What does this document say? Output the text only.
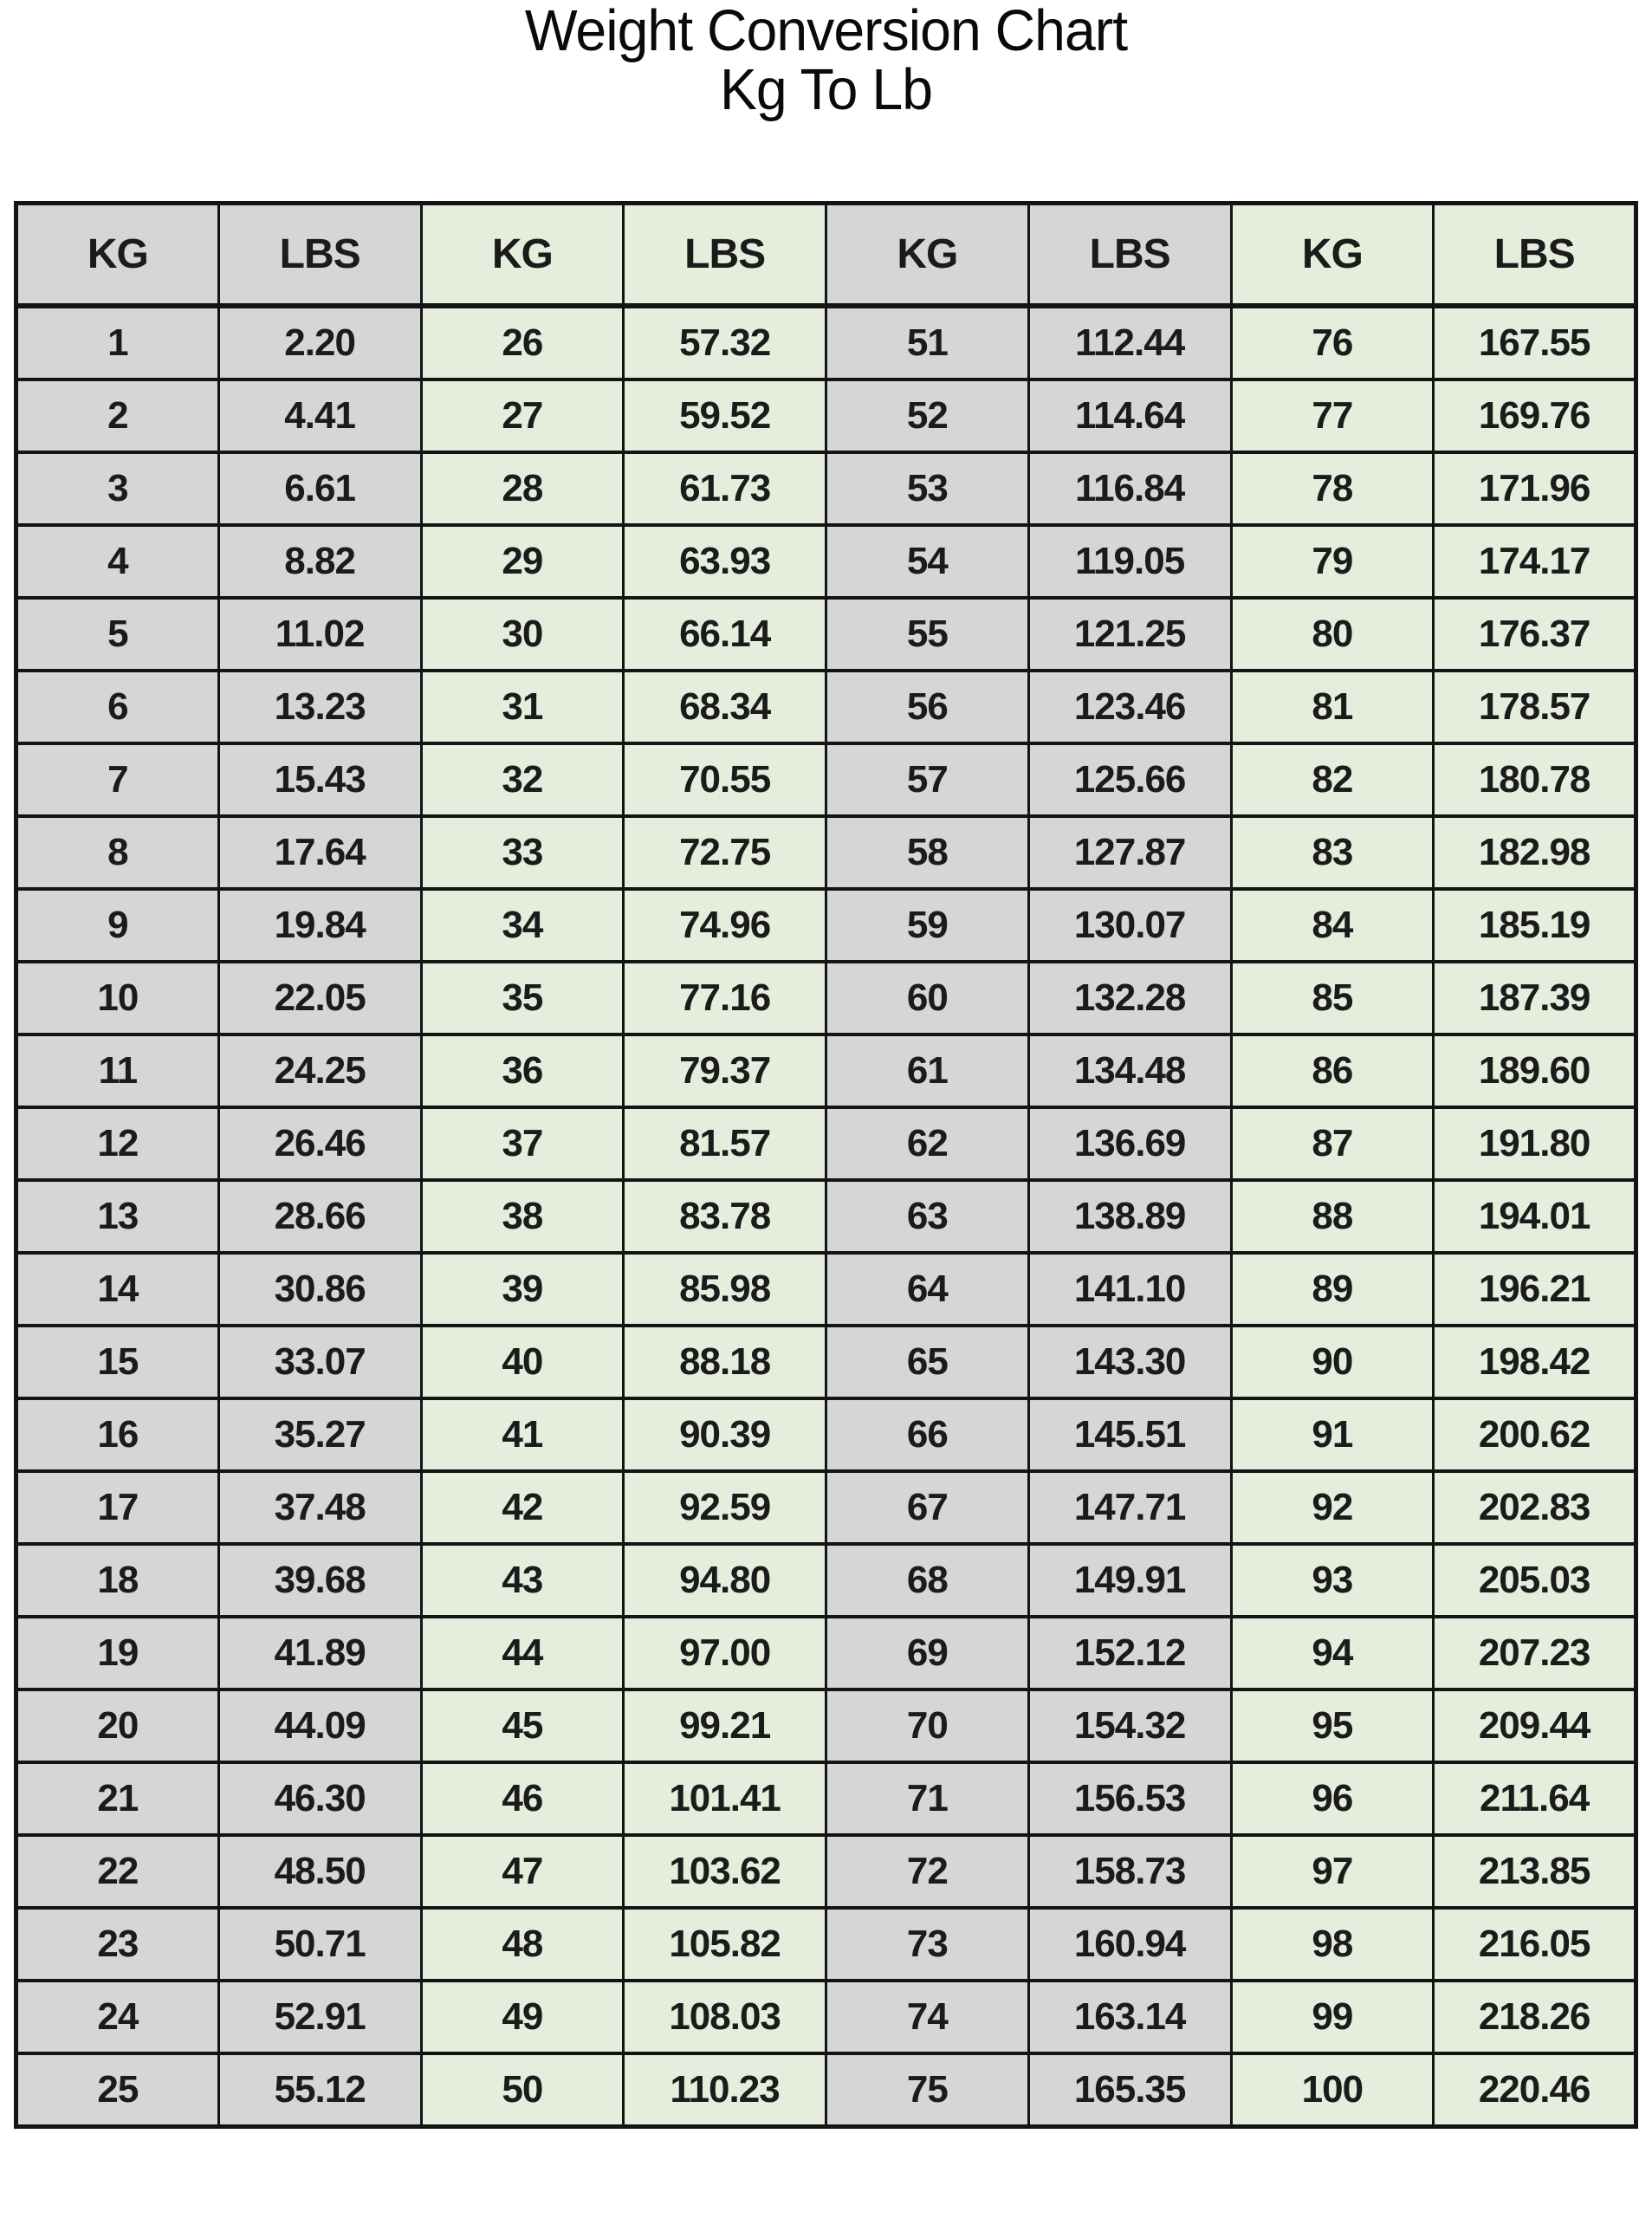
Weight Conversion Chart
Kg To Lb
KG	LBS	KG	LBS	KG	LBS	KG	LBS
1	2.20	26	57.32	51	112.44	76	167.55
2	4.41	27	59.52	52	114.64	77	169.76
3	6.61	28	61.73	53	116.84	78	171.96
4	8.82	29	63.93	54	119.05	79	174.17
5	11.02	30	66.14	55	121.25	80	176.37
6	13.23	31	68.34	56	123.46	81	178.57
7	15.43	32	70.55	57	125.66	82	180.78
8	17.64	33	72.75	58	127.87	83	182.98
9	19.84	34	74.96	59	130.07	84	185.19
10	22.05	35	77.16	60	132.28	85	187.39
11	24.25	36	79.37	61	134.48	86	189.60
12	26.46	37	81.57	62	136.69	87	191.80
13	28.66	38	83.78	63	138.89	88	194.01
14	30.86	39	85.98	64	141.10	89	196.21
15	33.07	40	88.18	65	143.30	90	198.42
16	35.27	41	90.39	66	145.51	91	200.62
17	37.48	42	92.59	67	147.71	92	202.83
18	39.68	43	94.80	68	149.91	93	205.03
19	41.89	44	97.00	69	152.12	94	207.23
20	44.09	45	99.21	70	154.32	95	209.44
21	46.30	46	101.41	71	156.53	96	211.64
22	48.50	47	103.62	72	158.73	97	213.85
23	50.71	48	105.82	73	160.94	98	216.05
24	52.91	49	108.03	74	163.14	99	218.26
25	55.12	50	110.23	75	165.35	100	220.46
